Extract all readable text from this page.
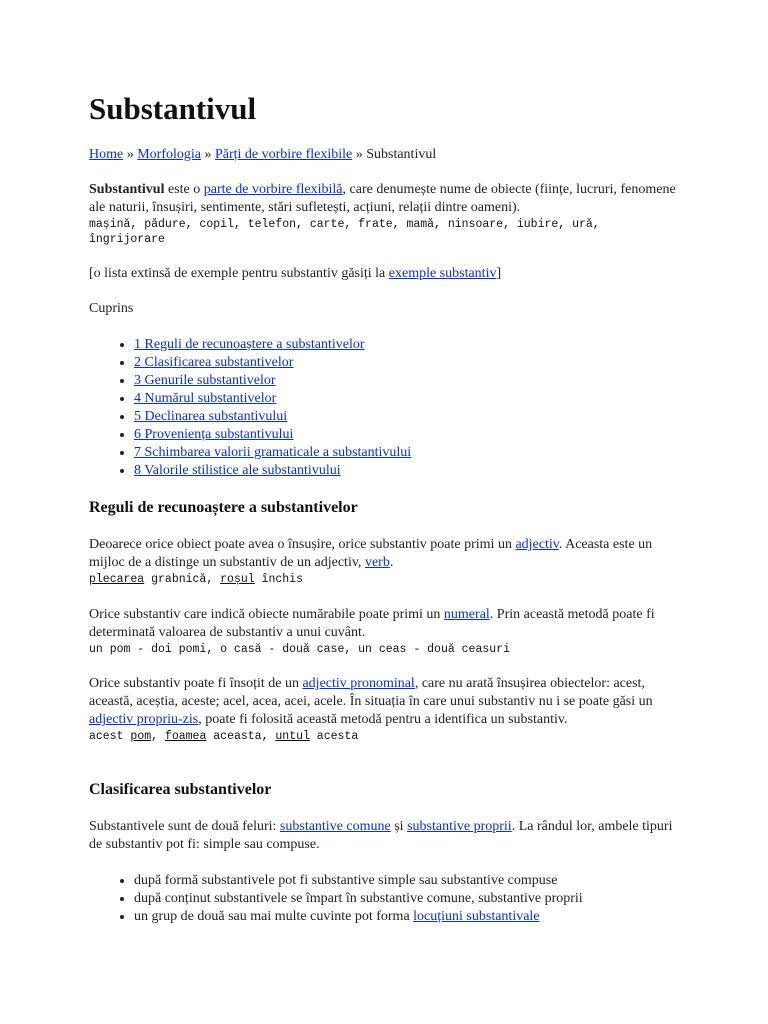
Substantivul
Home » Morfologia » Părți de vorbire flexibile » Substantivul

Substantivul este o parte de vorbire flexibilă, care denumește nume de obiecte (ființe, lucruri, fenomene ale naturii, însușiri, sentimente, stări sufletești, acțiuni, relații dintre oameni).

mașină, pădure, copil, telefon, carte, frate, mamă, ninsoare, iubire, ură,
îngrijorare

[o lista extinsă de exemple pentru substantiv găsiți la exemple substantiv]

Cuprins

• 1 Reguli de recunoaștere a substantivelor
• 2 Clasificarea substantivelor
• 3 Genurile substantivelor
• 4 Numărul substantivelor
• 5 Declinarea substantivului
• 6 Proveniența substantivului
• 7 Schimbarea valorii gramaticale a substantivului
• 8 Valorile stilistice ale substantivului
Reguli de recunoaștere a substantivelor

Deoarece orice obiect poate avea o însușire, orice substantiv poate primi un adjectiv. Aceasta este un mijloc de a distinge un substantiv de un adjectiv, verb.

plecarea grabnică, roșul închis

Orice substantiv care indică obiecte numărabile poate primi un numeral. Prin această metodă poate fi determinată valoarea de substantiv a unui cuvânt.

un pom - doi pomi, o casă - două case, un ceas - două ceasuri

Orice substantiv poate fi însoțit de un adjectiv pronominal, care nu arată însușirea obiectelor: acest, această, aceștia, aceste; acel, acea, acei, acele. În situația în care unui substantiv nu i se poate găsi un adjectiv propriu-zis, poate fi folosită această metodă pentru a identifica un substantiv.

acest pom, foamea aceasta, untul acesta
Clasificarea substantivelor

Substantivele sunt de două feluri: substantive comune și substantive proprii. La rândul lor, ambele tipuri de substantiv pot fi: simple sau compuse.

• după formă substantivele pot fi substantive simple sau substantive compuse
• după conținut substantivele se împart în substantive comune, substantive proprii
• un grup de două sau mai multe cuvinte pot forma locuțiuni substantivale
